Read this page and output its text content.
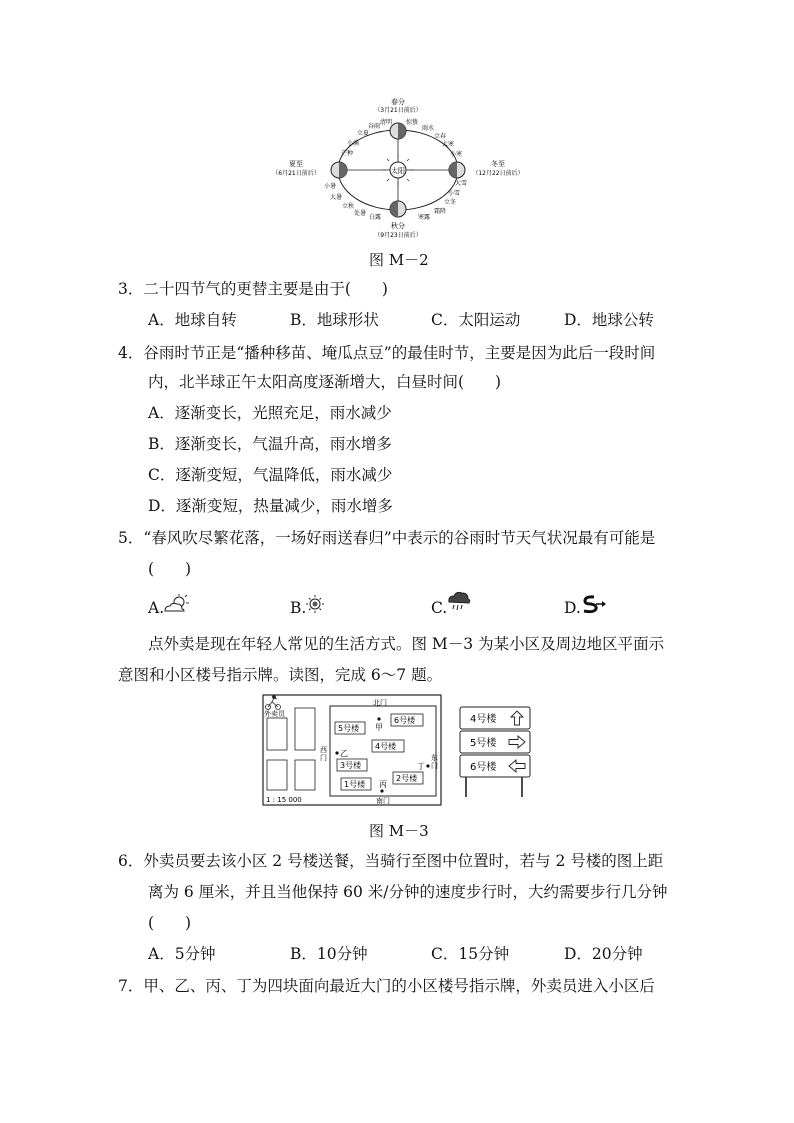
太阳
春分
（3月21日前后）
夏至
（6月21日前后）
冬至
（12月22日前后）
秋分
（9月23日前后）
清明
谷雨
立夏
小满
芒种
惊蛰
雨水
立春
大寒
小寒
小暑
大暑
立秋
处暑
白露	寒露
霜降
立冬
小雪
大雪
图 M－2
3．二十四节气的更替主要是由于(　　)
A．地球自转	B．地球形状	C．太阳运动	D．地球公转
4．谷雨时节正是“播种移苗、埯瓜点豆”的最佳时节，主要是因为此后一段时间
内，北半球正午太阳高度逐渐增大，白昼时间(　　)
A．逐渐变长，光照充足，雨水减少
B．逐渐变长，气温升高，雨水增多
C．逐渐变短，气温降低，雨水减少
D．逐渐变短，热量减少，雨水增多
5．“春风吹尽繁花落，一场好雨送春归”中表示的谷雨时节天气状况最有可能是
(　　)
A.	B.	C.	D.
点外卖是现在年轻人常见的生活方式。图 M－3 为某小区及周边地区平面示
意图和小区楼号指示牌。读图，完成 6～7 题。
5号楼
6号楼
4号楼
3号楼
2号楼
1号楼
北门
南门
西门	东门
甲
乙
丙
丁
外卖员
1 : 15 000
4号楼
5号楼
6号楼
图 M－3
6．外卖员要去该小区 2 号楼送餐，当骑行至图中位置时，若与 2 号楼的图上距
离为 6 厘米，并且当他保持 60 米/分钟的速度步行时，大约需要步行几分钟
(　　)
A．5分钟	B．10分钟	C．15分钟	D．20分钟
7．甲、乙、丙、丁为四块面向最近大门的小区楼号指示牌，外卖员进入小区后
